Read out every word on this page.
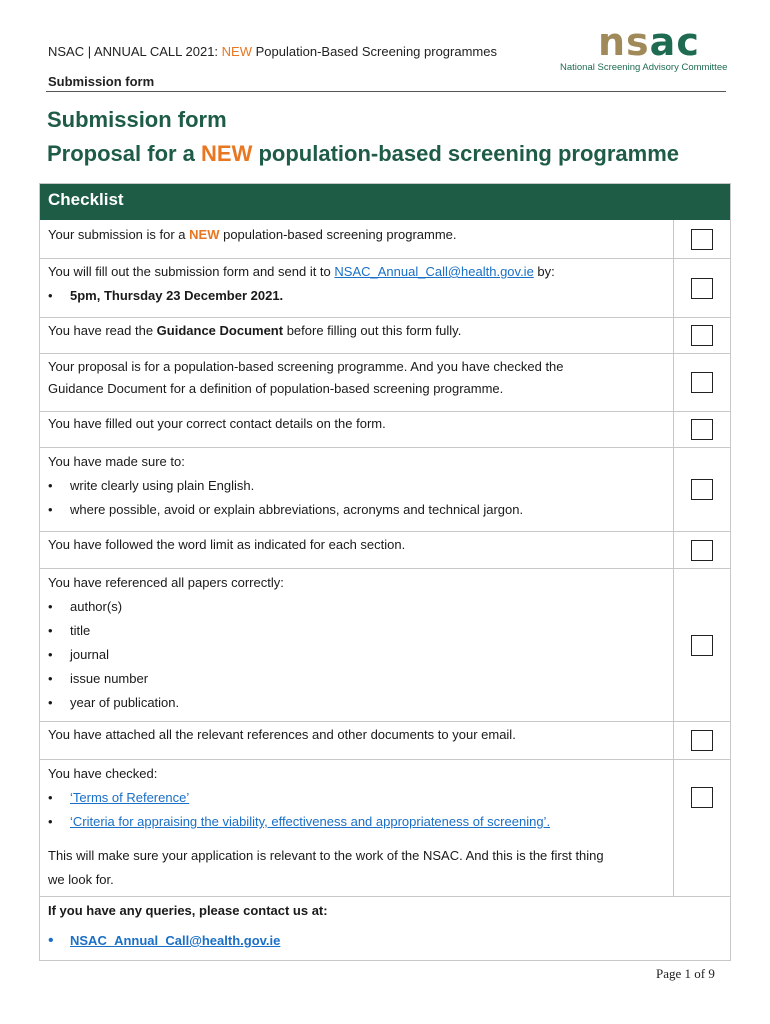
NSAC | ANNUAL CALL 2021: NEW Population-Based Screening programmes	nsac
National Screening Advisory Committee
Submission form
Submission form
Proposal for a NEW population-based screening programme
Checklist
Your submission is for a NEW population-based screening programme.
You will fill out the submission form and send it to NSAC_Annual_Call@health.gov.ie by:
•	5pm, Thursday 23 December 2021.
You have read the Guidance Document before filling out this form fully.
Your proposal is for a population-based screening programme. And you have checked the
Guidance Document for a definition of population-based screening programme.
You have filled out your correct contact details on the form.
You have made sure to:
•	write clearly using plain English.
•	where possible, avoid or explain abbreviations, acronyms and technical jargon.
You have followed the word limit as indicated for each section.
You have referenced all papers correctly:
•	author(s)
•	title
•	journal
•	issue number
•	year of publication.
You have attached all the relevant references and other documents to your email.
You have checked:
•	‘Terms of Reference’
•	‘Criteria for appraising the viability, effectiveness and appropriateness of screening’.
This will make sure your application is relevant to the work of the NSAC. And this is the first thing
we look for.
If you have any queries, please contact us at:
•	NSAC_Annual_Call@health.gov.ie
Page 1 of 9
